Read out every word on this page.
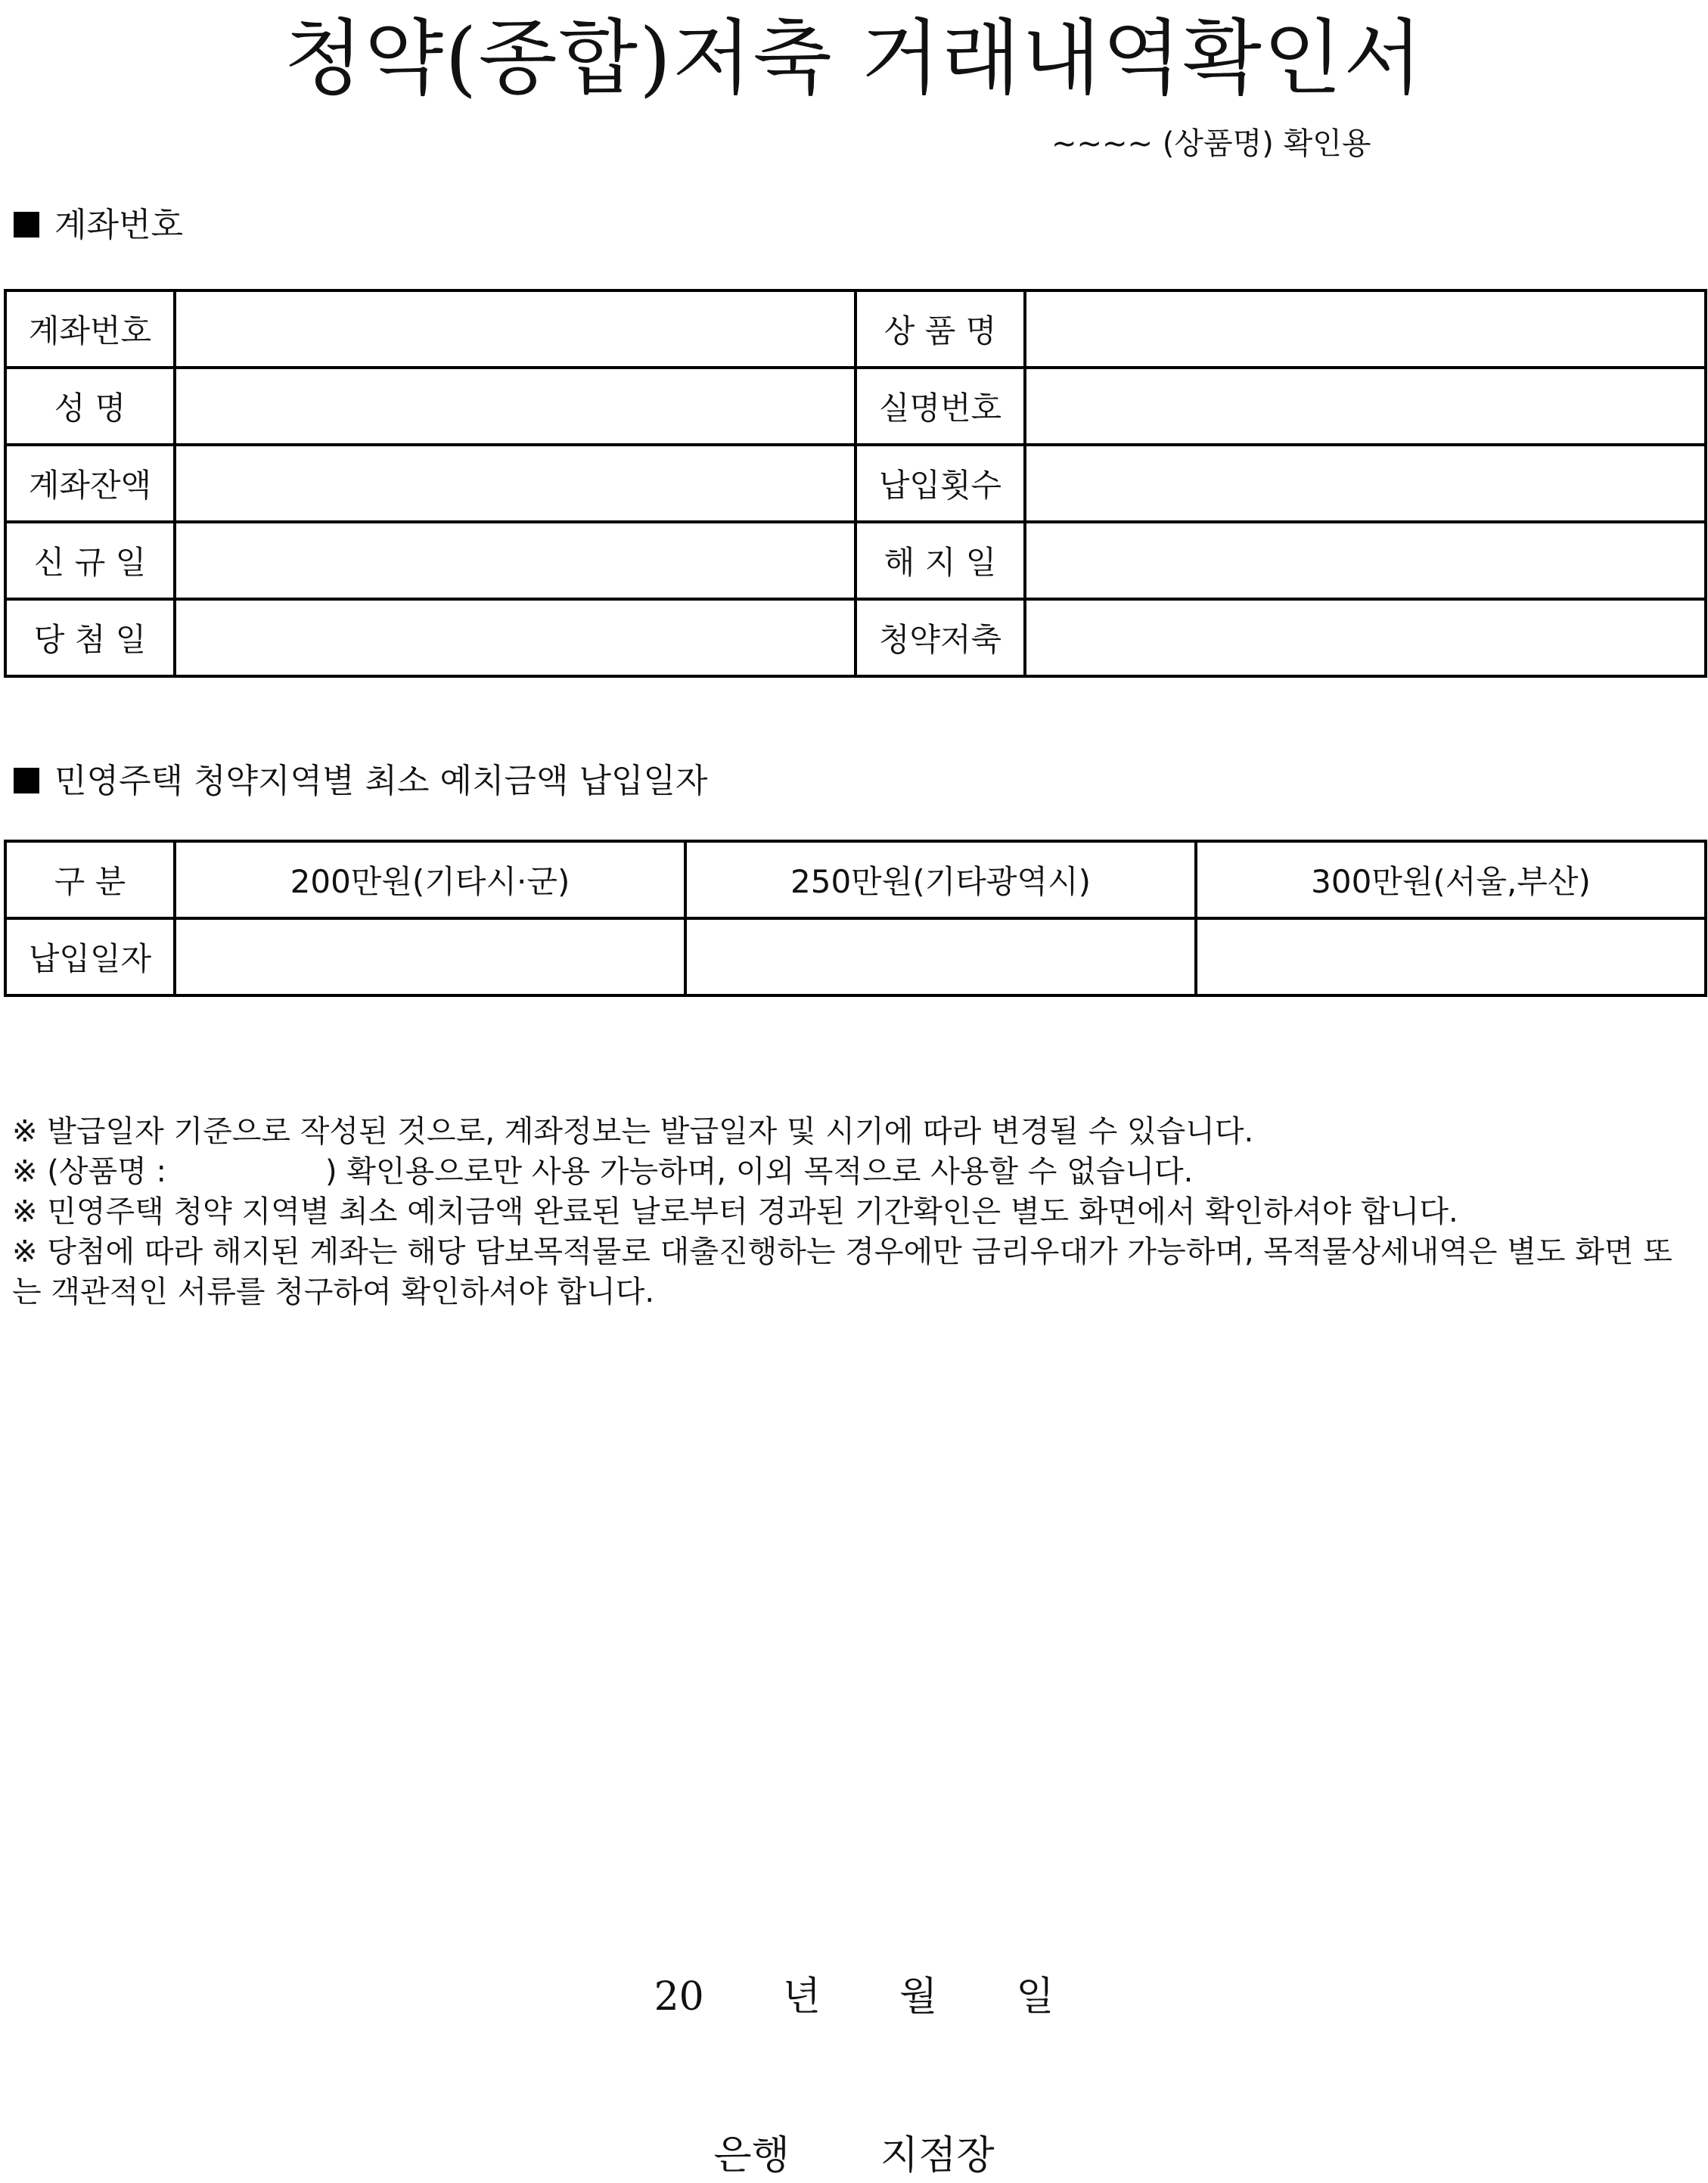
청약(종합)저축 거래내역확인서
~~~~ (상품명) 확인용
계좌번호
계좌번호		상 품 명	
성 명		실명번호	
계좌잔액		납입횟수	
신 규 일		해 지 일	
당 첨 일		청약저축	
민영주택 청약지역별 최소 예치금액 납입일자
구 분	200만원(기타시·군)	250만원(기타광역시)	300만원(서울,부산)
납입일자			

※ 발급일자 기준으로 작성된 것으로, 계좌정보는 발급일자 및 시기에 따라 변경될 수 있습니다.

※ (상품명 :	) 확인용으로만 사용 가능하며, 이외 목적으로 사용할 수 없습니다.

※ 민영주택 청약 지역별 최소 예치금액 완료된 날로부터 경과된 기간확인은 별도 화면에서 확인하셔야 합니다.

※ 당첨에 따라 해지된 계좌는 해당 담보목적물로 대출진행하는 경우에만 금리우대가 가능하며, 목적물상세내역은 별도 화면 또는 객관적인 서류를 청구하여 확인하셔야 합니다.

20 년 월 일
은행 지점장
